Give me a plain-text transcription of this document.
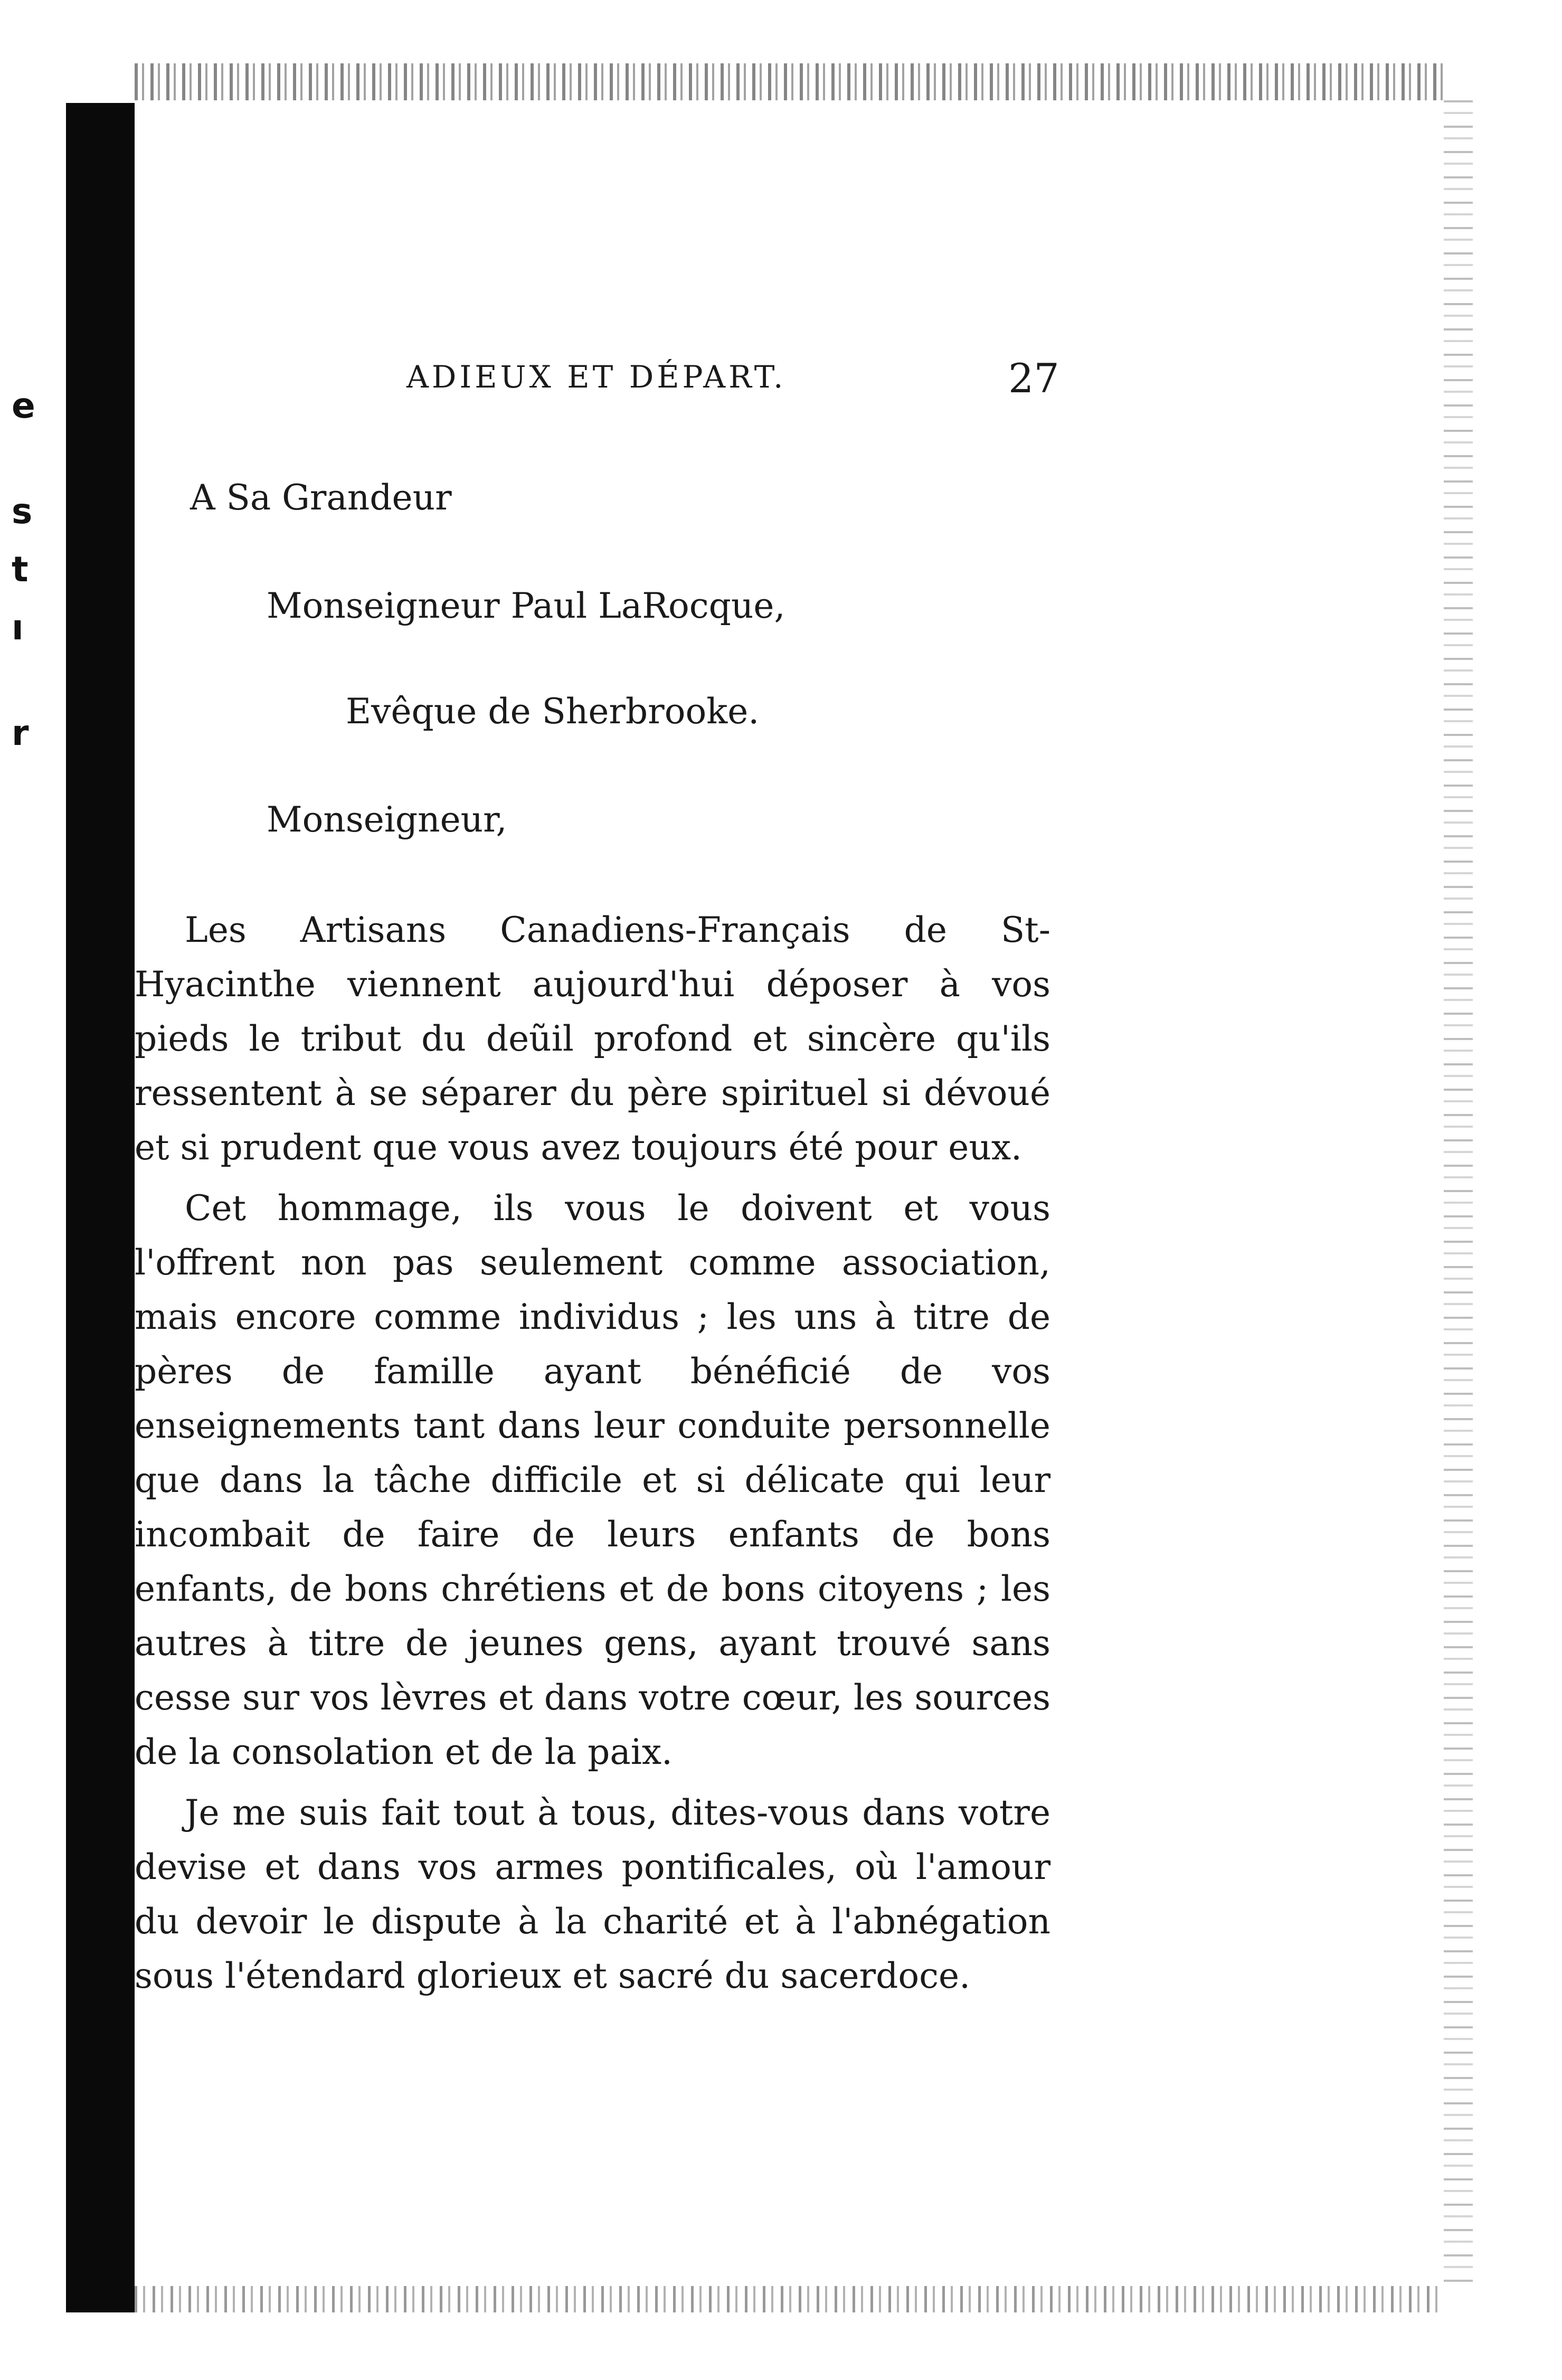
e
s
t
ı
r
ADIEUX ET DÉPART.	27
A Sa Grandeur
Monseigneur Paul LaRocque,
Evêque de Sherbrooke.
Monseigneur,

Les Artisans Canadiens-Français de St-Hyacinthe viennent aujourd'hui déposer à vos pieds le tribut du deũil profond et sincère qu'ils ressentent à se séparer du père spirituel si dévoué et si prudent que vous avez toujours été pour eux.

Cet hommage, ils vous le doivent et vous l'offrent non pas seulement comme association, mais encore comme individus ; les uns à titre de pères de famille ayant bénéficié de vos enseignements tant dans leur conduite personnelle que dans la tâche difficile et si délicate qui leur incombait de faire de leurs enfants de bons enfants, de bons chrétiens et de bons citoyens ; les autres à titre de jeunes gens, ayant trouvé sans cesse sur vos lèvres et dans votre cœur, les sources de la consolation et de la paix.

Je me suis fait tout à tous, dites-vous dans votre devise et dans vos armes pontificales, où l'amour du devoir le dispute à la charité et à l'abnégation sous l'étendard glorieux et sacré du sacerdoce.
